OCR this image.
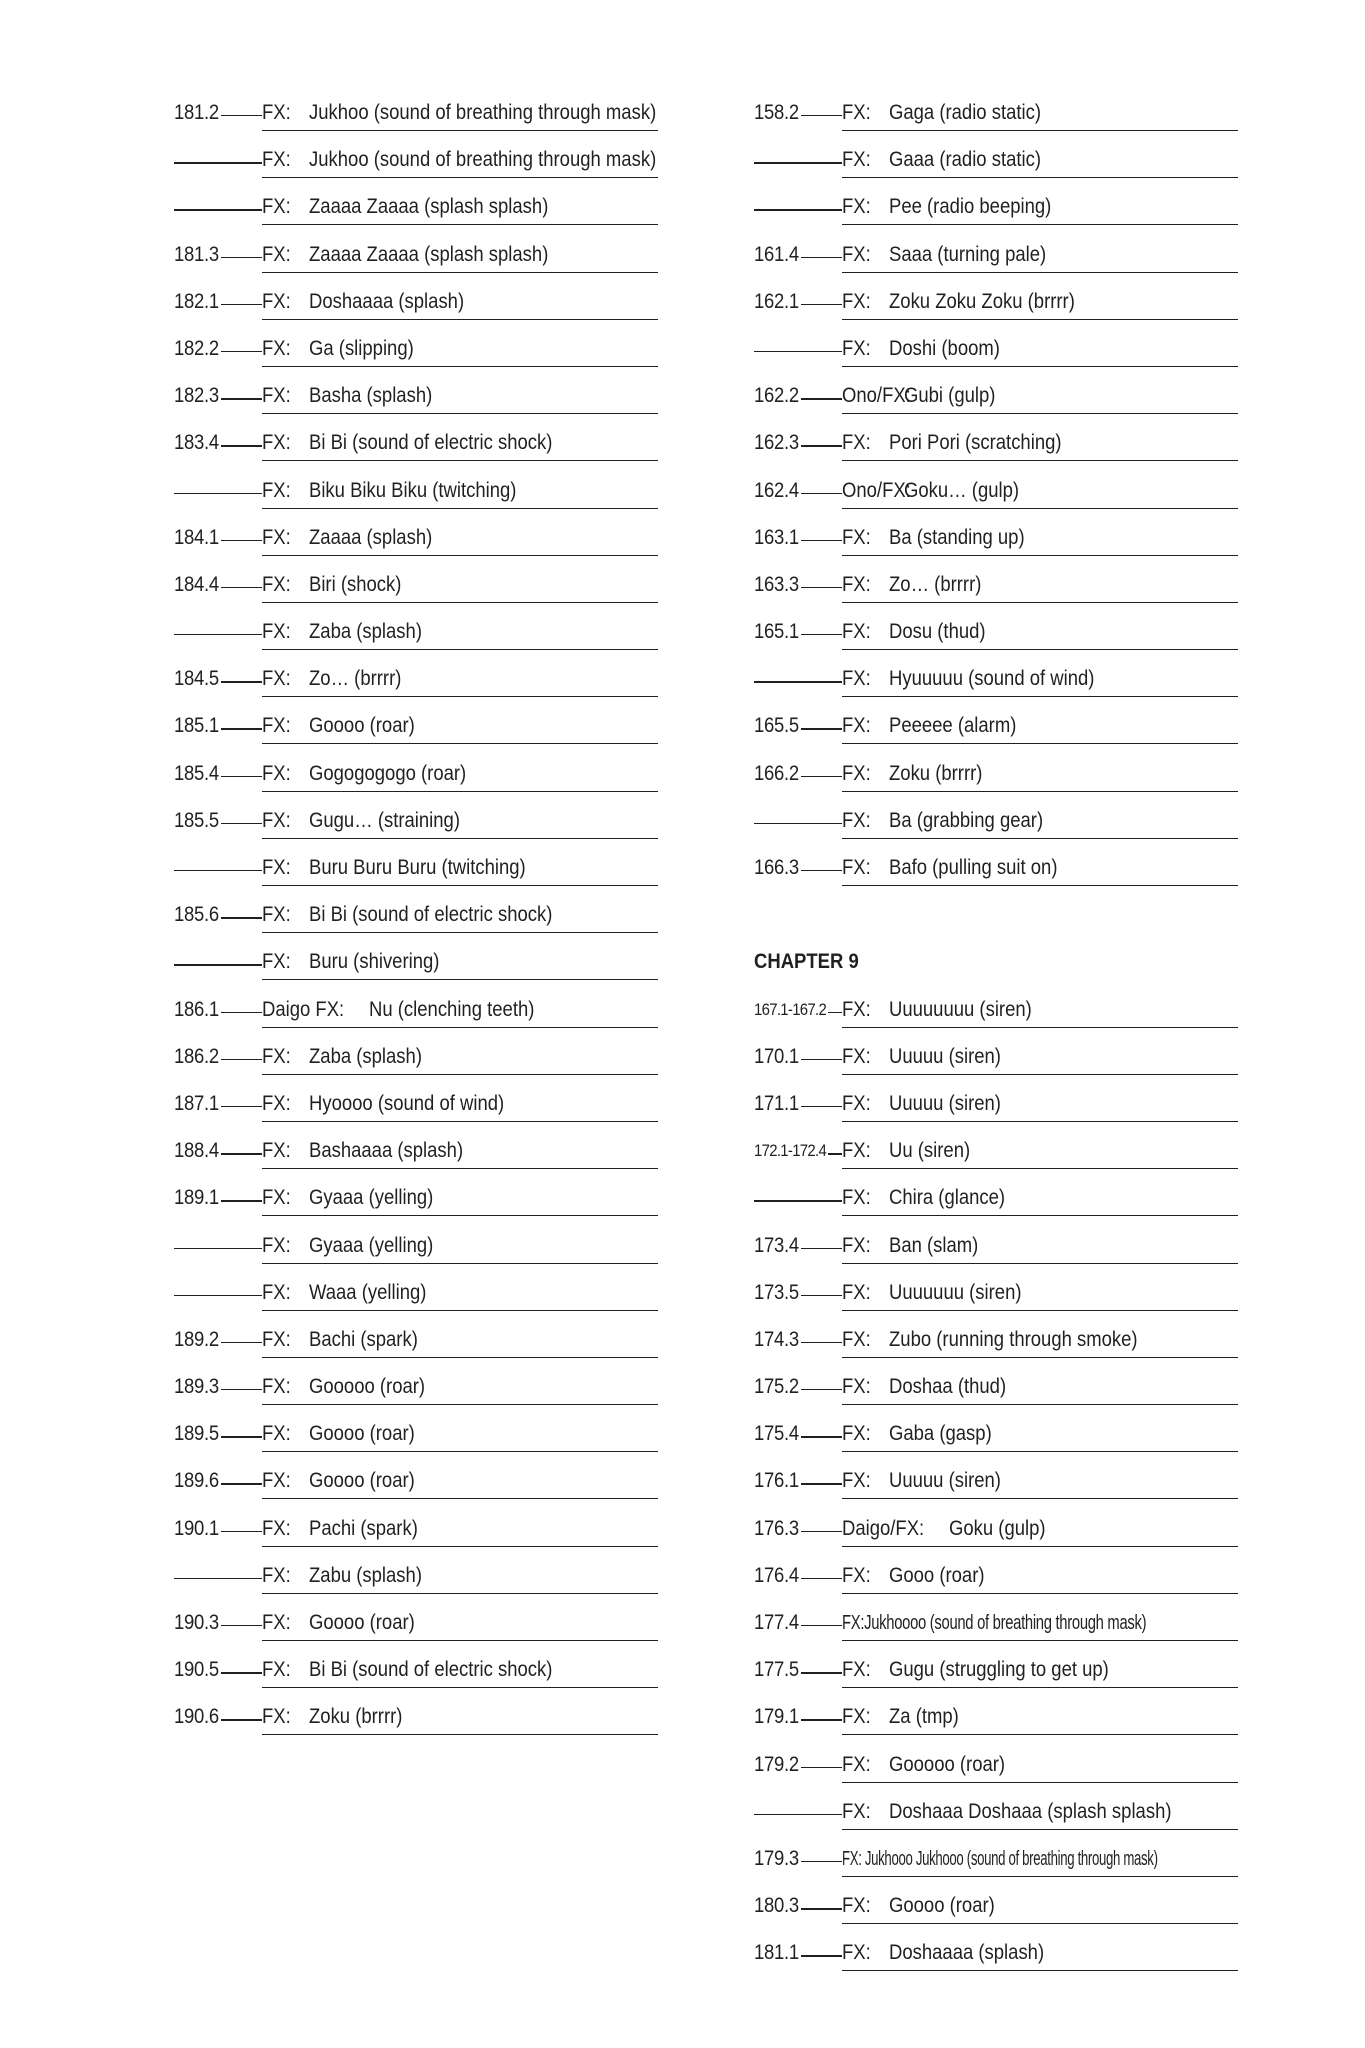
181.2 FX: Jukhoo (sound of breathing through mask)
FX: Jukhoo (sound of breathing through mask)
FX: Zaaaa Zaaaa (splash splash)
181.3 FX: Zaaaa Zaaaa (splash splash)
182.1 FX: Doshaaaa (splash)
182.2 FX: Ga (slipping)
182.3 FX: Basha (splash)
183.4 FX: Bi Bi (sound of electric shock)
FX: Biku Biku Biku (twitching)
184.1 FX: Zaaaa (splash)
184.4 FX: Biri (shock)
FX: Zaba (splash)
184.5 FX: Zo… (brrrr)
185.1 FX: Goooo (roar)
185.4 FX: Gogogogogo (roar)
185.5 FX: Gugu… (straining)
FX: Buru Buru Buru (twitching)
185.6 FX: Bi Bi (sound of electric shock)
FX: Buru (shivering)
186.1 Daigo FX: Nu (clenching teeth)
186.2 FX: Zaba (splash)
187.1 FX: Hyoooo (sound of wind)
188.4 FX: Bashaaaa (splash)
189.1 FX: Gyaaa (yelling)
FX: Gyaaa (yelling)
FX: Waaa (yelling)
189.2 FX: Bachi (spark)
189.3 FX: Gooooo (roar)
189.5 FX: Goooo (roar)
189.6 FX: Goooo (roar)
190.1 FX: Pachi (spark)
FX: Zabu (splash)
190.3 FX: Goooo (roar)
190.5 FX: Bi Bi (sound of electric shock)
190.6 FX: Zoku (brrrr)
158.2 FX: Gaga (radio static)
FX: Gaaa (radio static)
FX: Pee (radio beeping)
161.4 FX: Saaa (turning pale)
162.1 FX: Zoku Zoku Zoku (brrrr)
FX: Doshi (boom)
162.2 Ono/FX:
Gubi (gulp)
162.3 FX: Pori Pori (scratching)
162.4 Ono/FX:
Goku… (gulp)
163.1 FX: Ba (standing up)
163.3 FX: Zo… (brrrr)
165.1 FX: Dosu (thud)
FX: Hyuuuuu (sound of wind)
165.5 FX: Peeeee (alarm)
166.2 FX: Zoku (brrrr)
FX: Ba (grabbing gear)
166.3 FX: Bafo (pulling suit on)
CHAPTER 9
167.1-167.2 FX: Uuuuuuuu (siren)
170.1 FX: Uuuuu (siren)
171.1 FX: Uuuuu (siren)
172.1-172.4 FX: Uu (siren)
FX: Chira (glance)
173.4 FX: Ban (slam)
173.5 FX: Uuuuuuu (siren)
174.3 FX: Zubo (running through smoke)
175.2 FX: Doshaa (thud)
175.4 FX: Gaba (gasp)
176.1 FX: Uuuuu (siren)
176.3 Daigo/FX: Goku (gulp)
176.4 FX: Gooo (roar)
177.4 FX:Jukhoooo (sound of breathing through mask)
177.5 FX: Gugu (struggling to get up)
179.1 FX: Za (tmp)
179.2 FX: Gooooo (roar)
FX: Doshaaa Doshaaa (splash splash)
179.3 FX: Jukhooo Jukhooo (sound of breathing through mask)
180.3 FX: Goooo (roar)
181.1 FX: Doshaaaa (splash)
